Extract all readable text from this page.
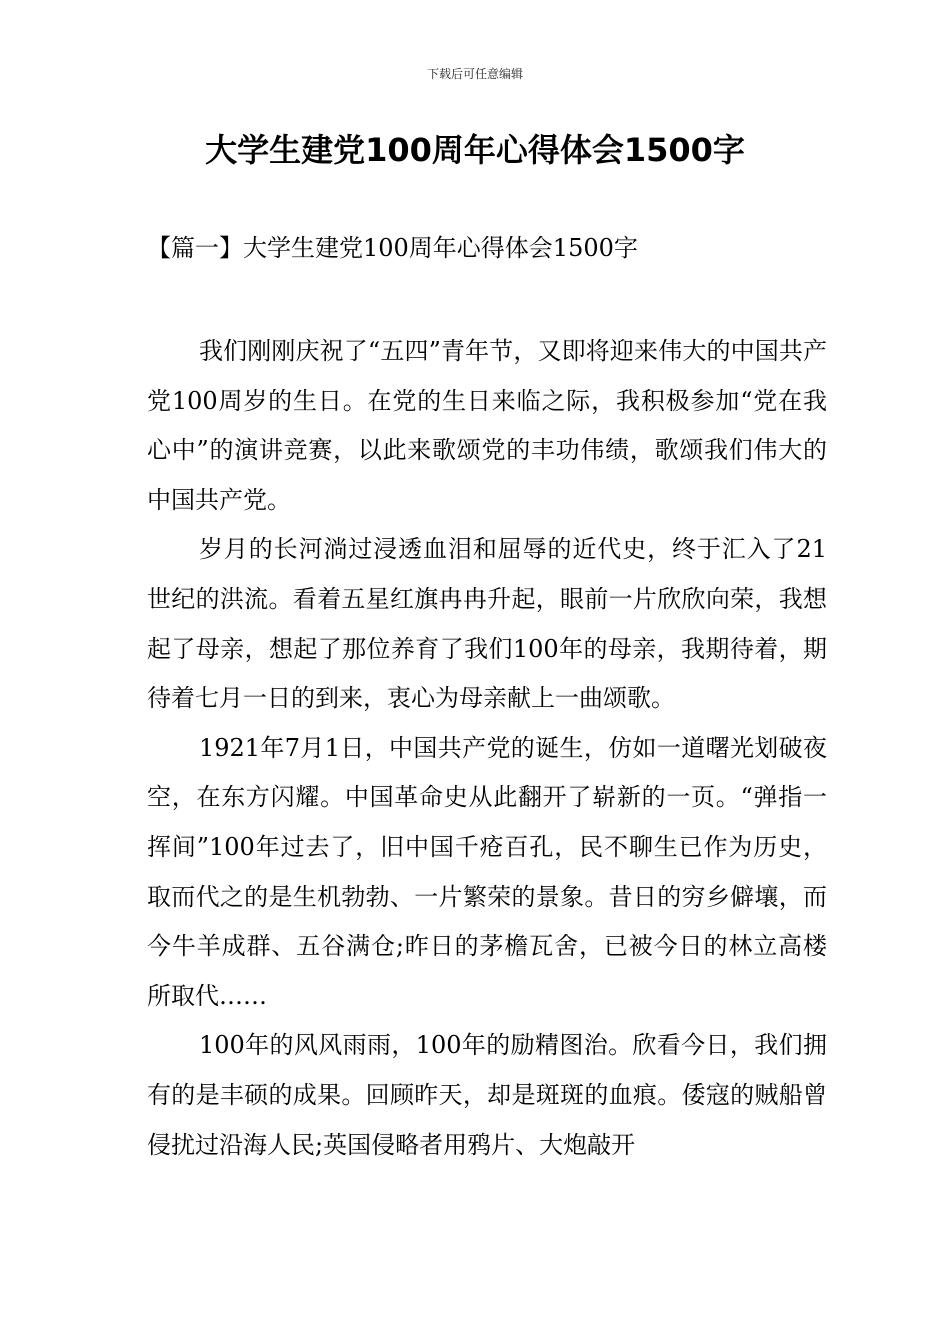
下载后可任意编辑
大学生建党100周年心得体会1500字
【篇一】大学生建党100周年心得体会1500字

我们刚刚庆祝了“五四”青年节，又即将迎来伟大的中国共产党100周岁的生日。在党的生日来临之际，我积极参加“党在我心中”的演讲竞赛，以此来歌颂党的丰功伟绩，歌颂我们伟大的中国共产党。

岁月的长河淌过浸透血泪和屈辱的近代史，终于汇入了21世纪的洪流。看着五星红旗冉冉升起，眼前一片欣欣向荣，我想起了母亲，想起了那位养育了我们100年的母亲，我期待着，期待着七月一日的到来，衷心为母亲献上一曲颂歌。

1921年7月1日，中国共产党的诞生，仿如一道曙光划破夜空，在东方闪耀。中国革命史从此翻开了崭新的一页。“弹指一挥间”100年过去了，旧中国千疮百孔，民不聊生已作为历史，取而代之的是生机勃勃、一片繁荣的景象。昔日的穷乡僻壤，而今牛羊成群、五谷满仓;昨日的茅檐瓦舍，已被今日的林立高楼所取代……

100年的风风雨雨，100年的励精图治。欣看今日，我们拥有的是丰硕的成果。回顾昨天，却是斑斑的血痕。倭寇的贼船曾侵扰过沿海人民;英国侵略者用鸦片、大炮敲开
